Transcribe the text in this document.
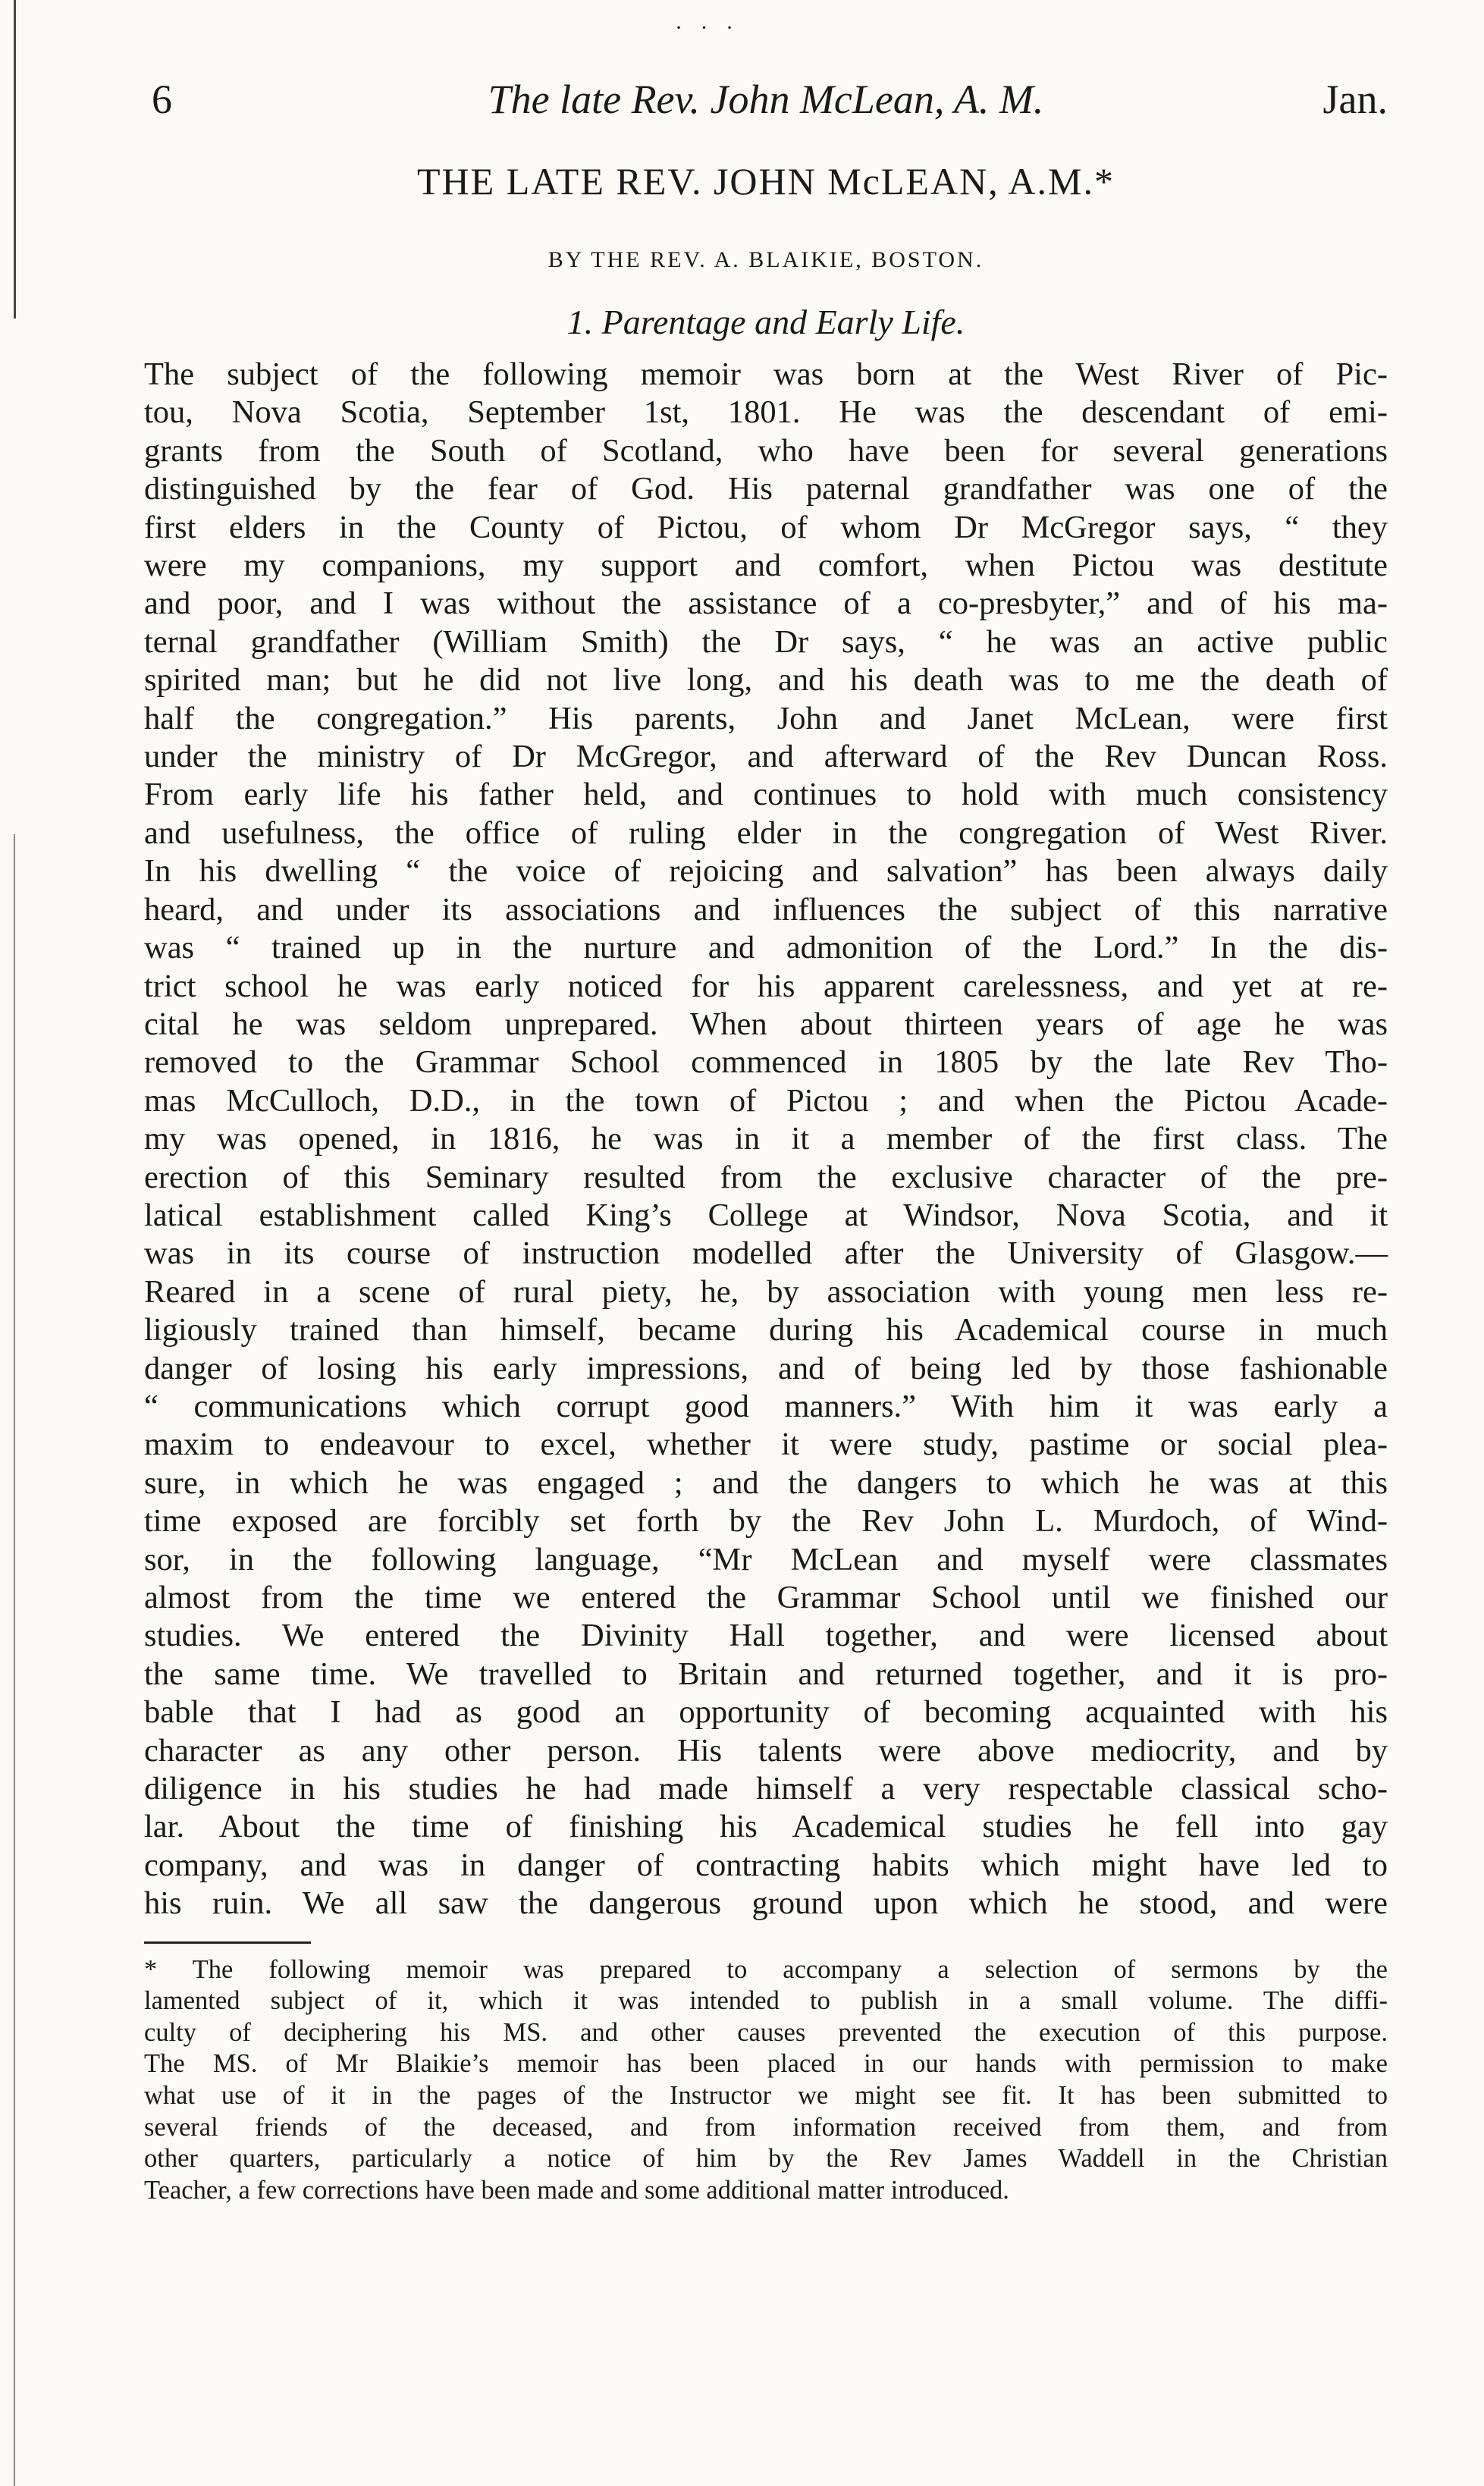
· · ·
6	The late Rev. John McLean, A. M.	Jan.
THE LATE REV. JOHN McLEAN, A.M.*
BY THE REV. A. BLAIKIE, BOSTON.
1. Parentage and Early Life.
The subject of the following memoir was born at the West River of Pic-
tou, Nova Scotia, September 1st, 1801. He was the descendant of emi-
grants from the South of Scotland, who have been for several generations
distinguished by the fear of God. His paternal grandfather was one of the
first elders in the County of Pictou, of whom Dr McGregor says, “ they
were my companions, my support and comfort, when Pictou was destitute
and poor, and I was without the assistance of a co-presbyter,” and of his ma-
ternal grandfather (William Smith) the Dr says, “ he was an active public
spirited man; but he did not live long, and his death was to me the death of
half the congregation.” His parents, John and Janet McLean, were first
under the ministry of Dr McGregor, and afterward of the Rev Duncan Ross.
From early life his father held, and continues to hold with much consistency
and usefulness, the office of ruling elder in the congregation of West River.
In his dwelling “ the voice of rejoicing and salvation” has been always daily
heard, and under its associations and influences the subject of this narrative
was “ trained up in the nurture and admonition of the Lord.” In the dis-
trict school he was early noticed for his apparent carelessness, and yet at re-
cital he was seldom unprepared. When about thirteen years of age he was
removed to the Grammar School commenced in 1805 by the late Rev Tho-
mas McCulloch, D.D., in the town of Pictou ; and when the Pictou Acade-
my was opened, in 1816, he was in it a member of the first class. The
erection of this Seminary resulted from the exclusive character of the pre-
latical establishment called King’s College at Windsor, Nova Scotia, and it
was in its course of instruction modelled after the University of Glasgow.—
Reared in a scene of rural piety, he, by association with young men less re-
ligiously trained than himself, became during his Academical course in much
danger of losing his early impressions, and of being led by those fashionable
“ communications which corrupt good manners.” With him it was early a
maxim to endeavour to excel, whether it were study, pastime or social plea-
sure, in which he was engaged ; and the dangers to which he was at this
time exposed are forcibly set forth by the Rev John L. Murdoch, of Wind-
sor, in the following language, “Mr McLean and myself were classmates
almost from the time we entered the Grammar School until we finished our
studies. We entered the Divinity Hall together, and were licensed about
the same time. We travelled to Britain and returned together, and it is pro-
bable that I had as good an opportunity of becoming acquainted with his
character as any other person. His talents were above mediocrity, and by
diligence in his studies he had made himself a very respectable classical scho-
lar. About the time of finishing his Academical studies he fell into gay
company, and was in danger of contracting habits which might have led to
his ruin. We all saw the dangerous ground upon which he stood, and were
* The following memoir was prepared to accompany a selection of sermons by the
lamented subject of it, which it was intended to publish in a small volume. The diffi-
culty of deciphering his MS. and other causes prevented the execution of this purpose.
The MS. of Mr Blaikie’s memoir has been placed in our hands with permission to make
what use of it in the pages of the Instructor we might see fit. It has been submitted to
several friends of the deceased, and from information received from them, and from
other quarters, particularly a notice of him by the Rev James Waddell in the Christian
Teacher, a few corrections have been made and some additional matter introduced.
